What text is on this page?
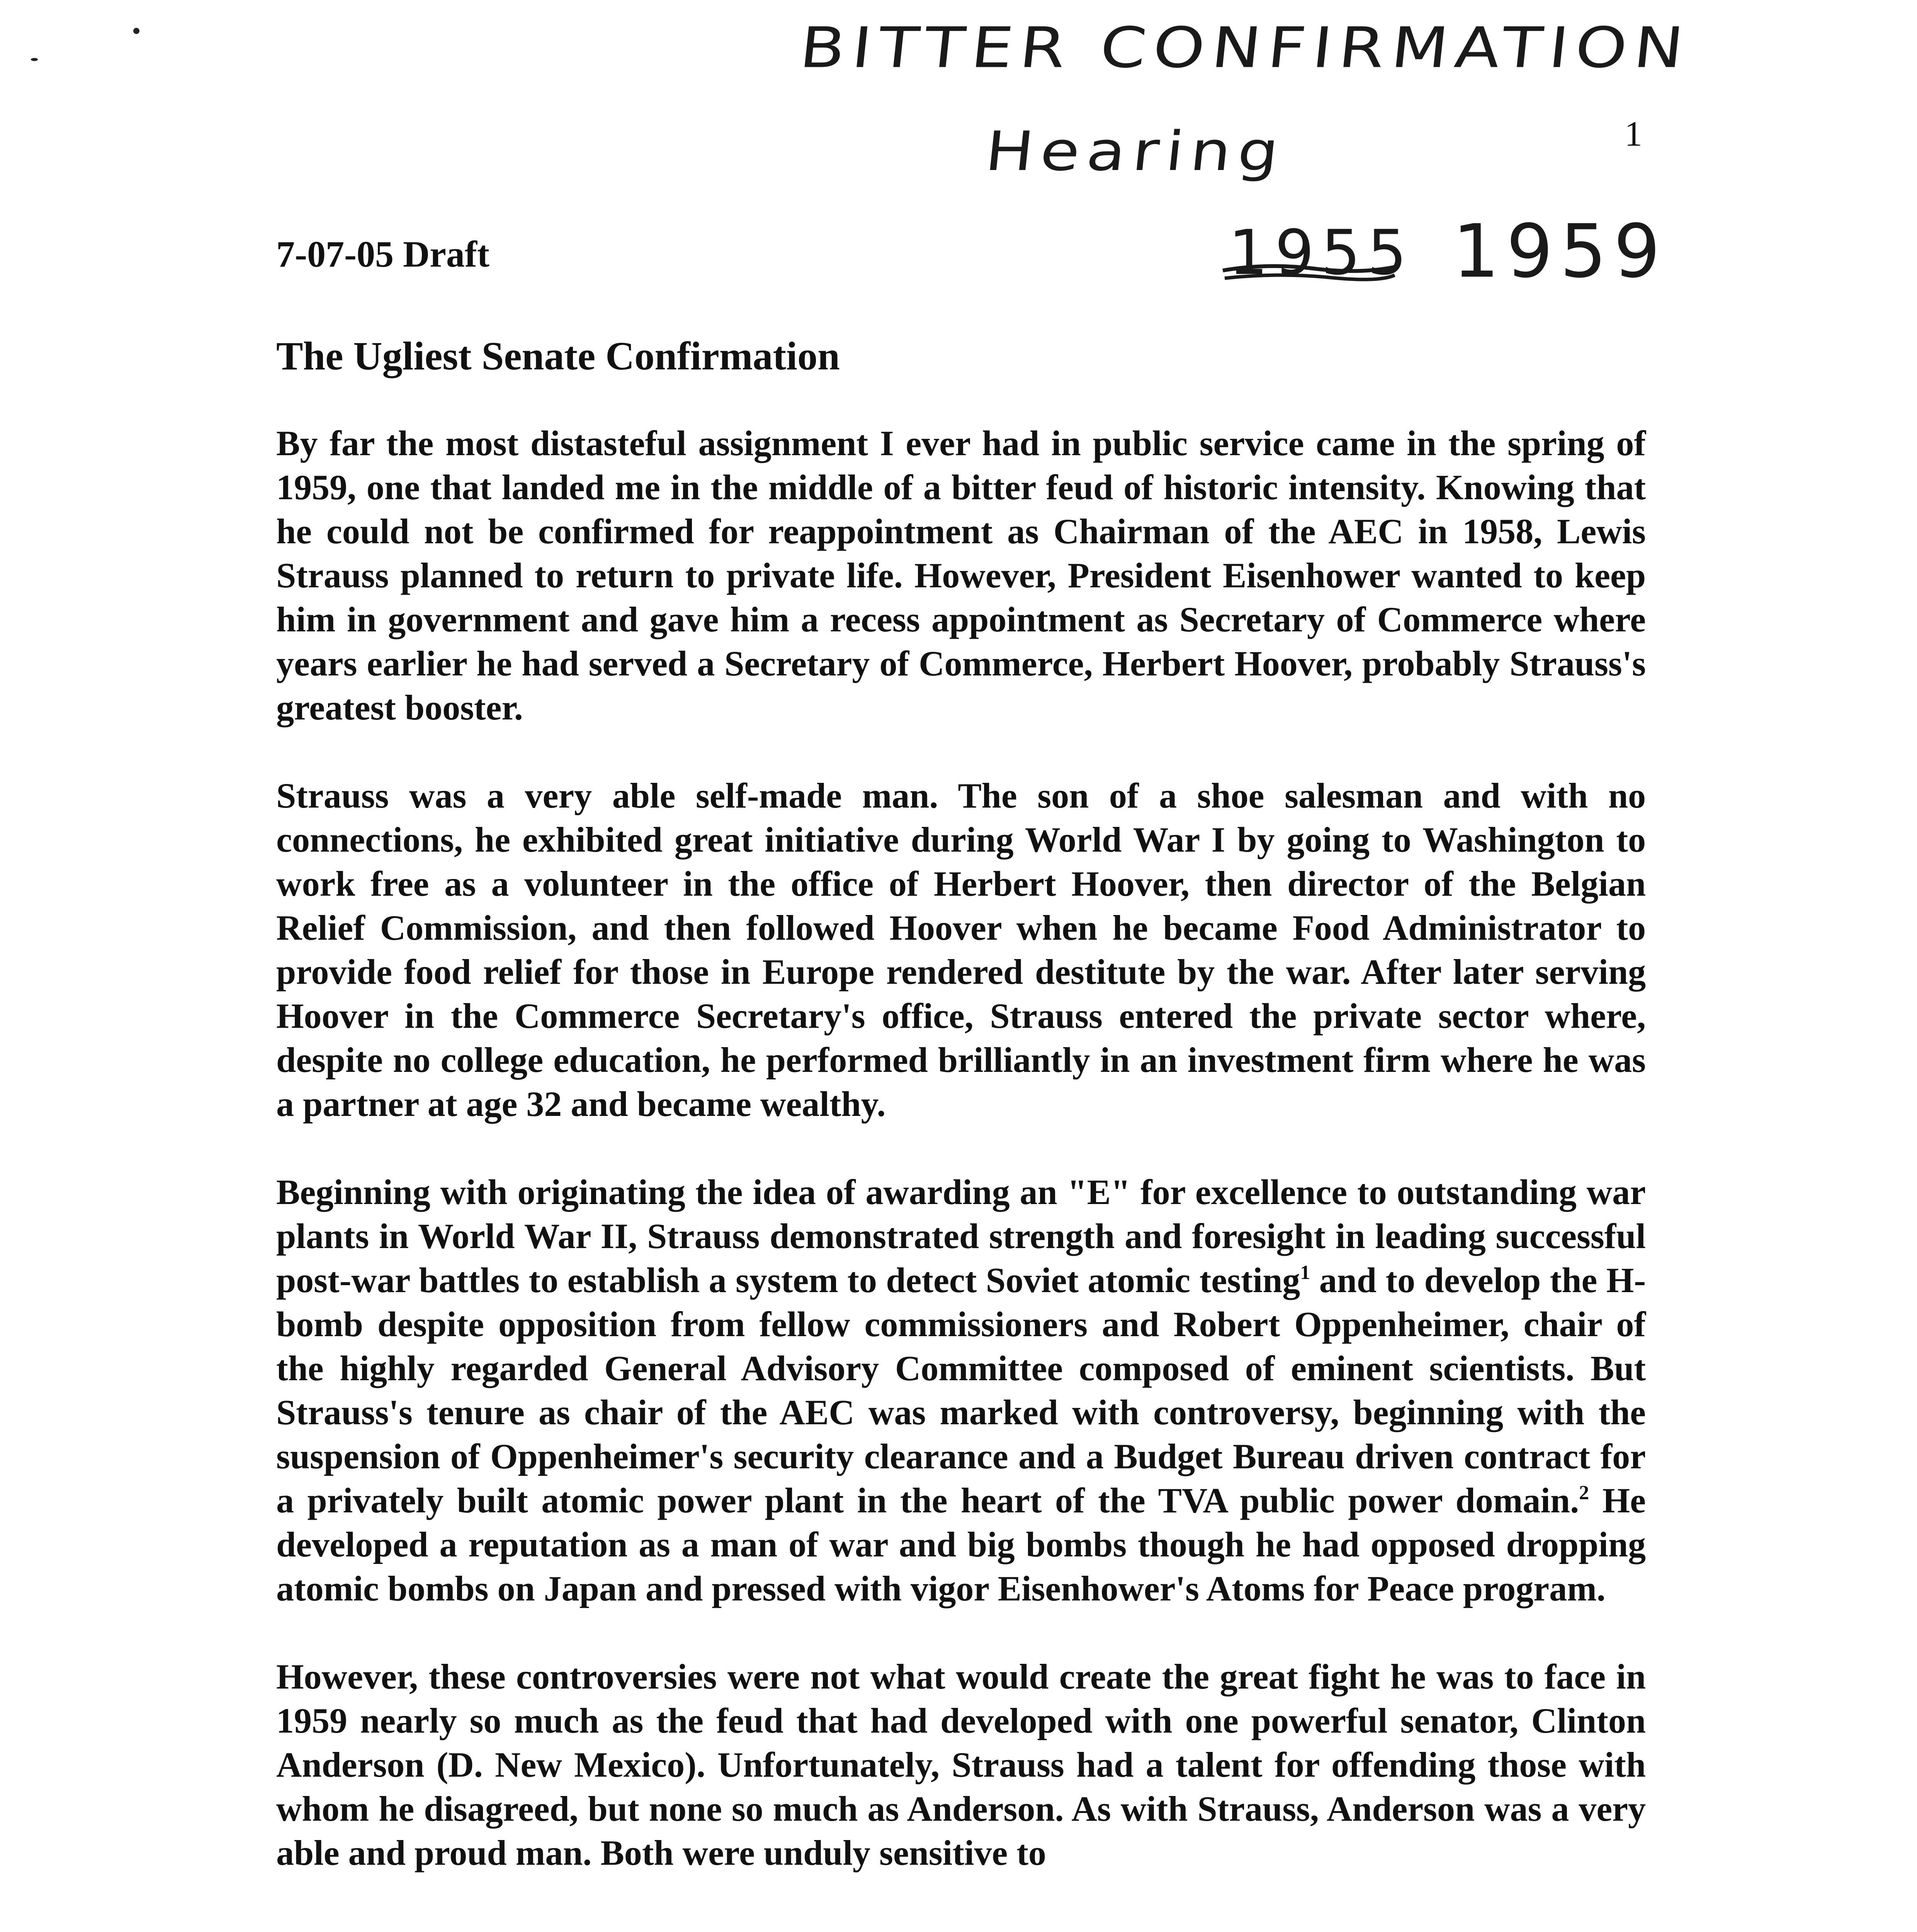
BITTER CONFIRMATION
Hearing
1955 1959
1
7-07-05 Draft
The Ugliest Senate Confirmation

By far the most distasteful assignment I ever had in public service came in the spring of 1959, one that landed me in the middle of a bitter feud of historic intensity. Knowing that he could not be confirmed for reappointment as Chairman of the AEC in 1958, Lewis Strauss planned to return to private life. However, President Eisenhower wanted to keep him in government and gave him a recess appointment as Secretary of Commerce where years earlier he had served a Secretary of Commerce, Herbert Hoover, probably Strauss's greatest booster.

Strauss was a very able self-made man. The son of a shoe salesman and with no connections, he exhibited great initiative during World War I by going to Washington to work free as a volunteer in the office of Herbert Hoover, then director of the Belgian Relief Commission, and then followed Hoover when he became Food Administrator to provide food relief for those in Europe rendered destitute by the war. After later serving Hoover in the Commerce Secretary's office, Strauss entered the private sector where, despite no college education, he performed brilliantly in an investment firm where he was a partner at age 32 and became wealthy.

Beginning with originating the idea of awarding an "E" for excellence to outstanding war plants in World War II, Strauss demonstrated strength and foresight in leading successful post-war battles to establish a system to detect Soviet atomic testing$^1$ and to develop the H-bomb despite opposition from fellow commissioners and Robert Oppenheimer, chair of the highly regarded General Advisory Committee composed of eminent scientists. But Strauss's tenure as chair of the AEC was marked with controversy, beginning with the suspension of Oppenheimer's security clearance and a Budget Bureau driven contract for a privately built atomic power plant in the heart of the TVA public power domain.$^2$ He developed a reputation as a man of war and big bombs though he had opposed dropping atomic bombs on Japan and pressed with vigor Eisenhower's Atoms for Peace program.

However, these controversies were not what would create the great fight he was to face in 1959 nearly so much as the feud that had developed with one powerful senator, Clinton Anderson (D. New Mexico). Unfortunately, Strauss had a talent for offending those with whom he disagreed, but none so much as Anderson. As with Strauss, Anderson was a very able and proud man. Both were unduly sensitive to
